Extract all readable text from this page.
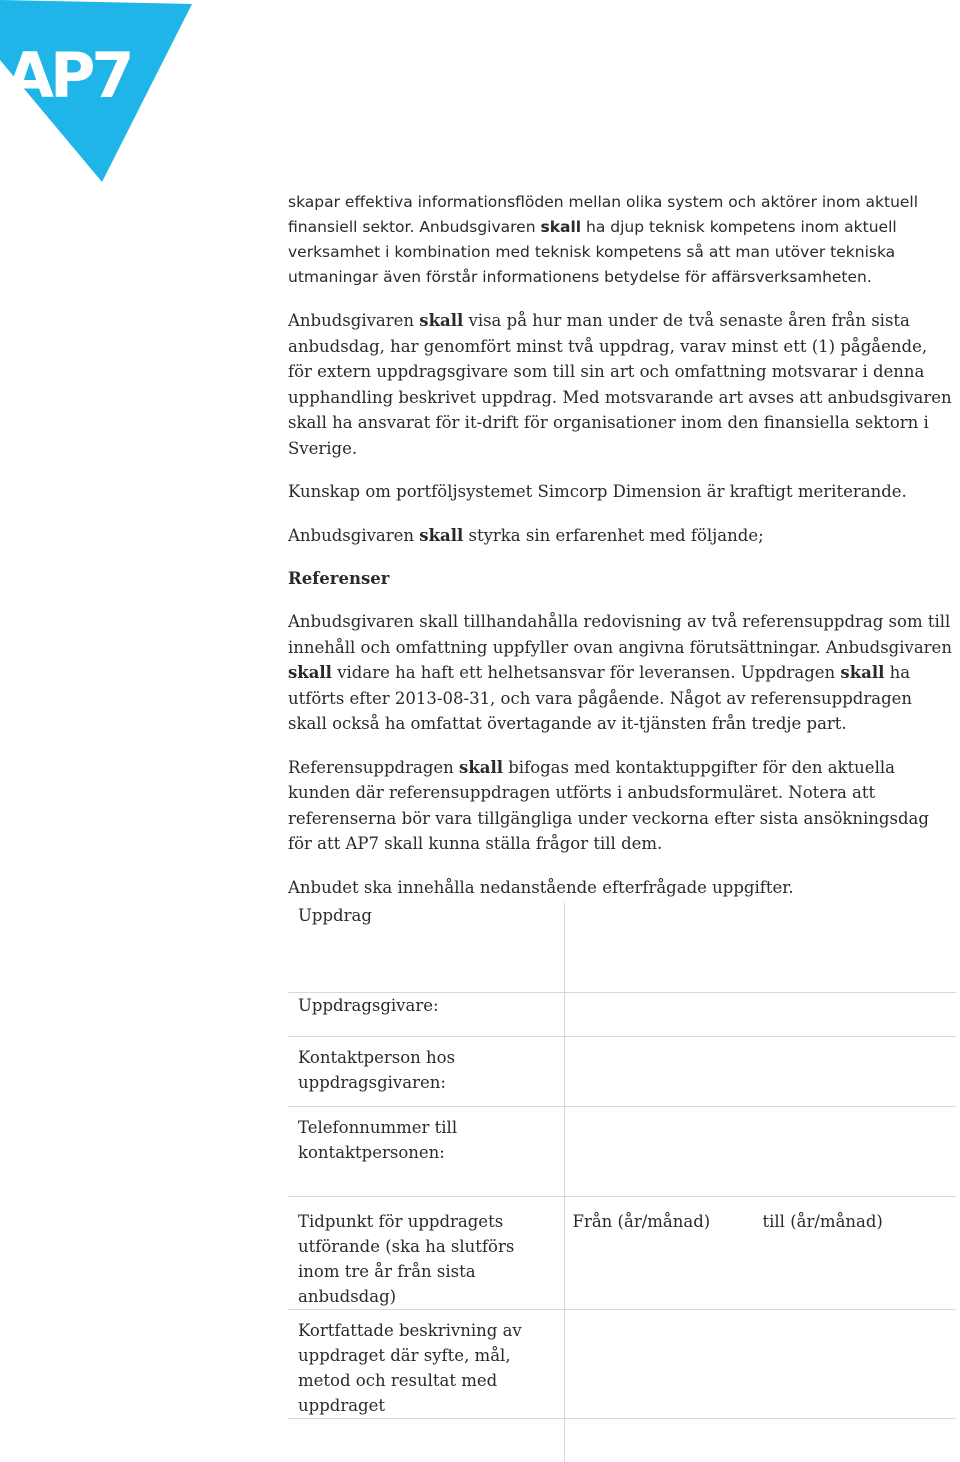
AP7
skapar effektiva informationsflöden mellan olika system och aktörer inom aktuell finansiell sektor. Anbudsgivaren skall ha djup teknisk kompetens inom aktuell verksamhet i kombination med teknisk kompetens så att man utöver tekniska utmaningar även förstår informationens betydelse för affärsverksamheten.
Anbudsgivaren skall visa på hur man under de två senaste åren från sista anbudsdag, har genomfört minst två uppdrag, varav minst ett (1) pågående, för extern uppdragsgivare som till sin art och omfattning motsvarar i denna upphandling beskrivet uppdrag. Med motsvarande art avses att anbudsgivaren skall ha ansvarat för it-drift för organisationer inom den finansiella sektorn i Sverige.
Kunskap om portföljsystemet Simcorp Dimension är kraftigt meriterande.
Anbudsgivaren skall styrka sin erfarenhet med följande;
Referenser
Anbudsgivaren skall tillhandahålla redovisning av två referensuppdrag som till innehåll och omfattning uppfyller ovan angivna förutsättningar. Anbudsgivaren skall vidare ha haft ett helhetsansvar för leveransen. Uppdragen skall ha utförts efter 2013-08-31, och vara pågående. Något av referensuppdragen skall också ha omfattat övertagande av it-tjänsten från tredje part.
Referensuppdragen skall bifogas med kontaktuppgifter för den aktuella kunden där referensuppdragen utförts i anbudsformuläret. Notera att referenserna bör vara tillgängliga under veckorna efter sista ansökningsdag för att AP7 skall kunna ställa frågor till dem.
Anbudet ska innehålla nedanstående efterfrågade uppgifter.
Uppdrag	

Uppdragsgivare:	

Kontaktperson hos uppdragsgivaren:	

Telefonnummer till kontaktpersonen:	

Tidpunkt för uppdragets utförande (ska ha slutförs inom tre år från sista anbudsdag)	Från (år/månad) till (år/månad)

Kortfattade beskrivning av uppdraget där syfte, mål, metod och resultat med uppdraget	
